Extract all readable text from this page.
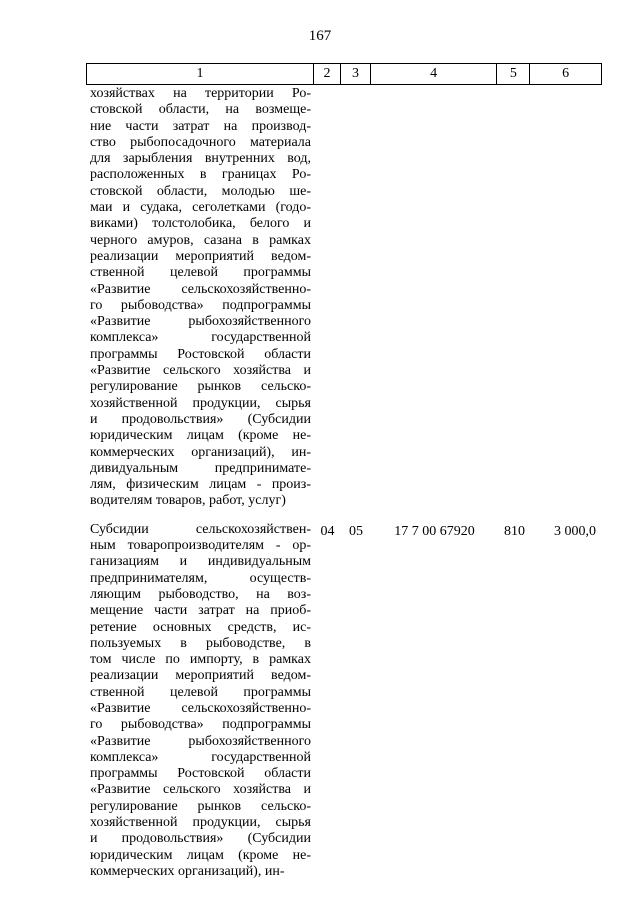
167
1	2	3	4	5	6
хозяйствах на территории Ро-
стовской области, на возмеще-
ние части затрат на производ-
ство рыбопосадочного материала
для зарыбления внутренних вод,
расположенных в границах Ро-
стовской области, молодью ше-
маи и судака, сеголетками (годо-
виками) толстолобика, белого и
черного амуров, сазана в рамках
реализации мероприятий ведом-
ственной целевой программы
«Развитие сельскохозяйственно-
го рыбоводства» подпрограммы
«Развитие рыбохозяйственного
комплекса» государственной
программы Ростовской области
«Развитие сельского хозяйства и
регулирование рынков сельско-
хозяйственной продукции, сырья
и продовольствия» (Субсидии
юридическим лицам (кроме не-
коммерческих организаций), ин-
дивидуальным предпринимате-
лям, физическим лицам - произ-
водителям товаров, работ, услуг)
Субсидии сельскохозяйствен-
ным товаропроизводителям - ор-
ганизациям и индивидуальным
предпринимателям, осуществ-
ляющим рыбоводство, на воз-
мещение части затрат на приоб-
ретение основных средств, ис-
пользуемых в рыбоводстве, в
том числе по импорту, в рамках
реализации мероприятий ведом-
ственной целевой программы
«Развитие сельскохозяйственно-
го рыбоводства» подпрограммы
«Развитие рыбохозяйственного
комплекса» государственной
программы Ростовской области
«Развитие сельского хозяйства и
регулирование рынков сельско-
хозяйственной продукции, сырья
и продовольствия» (Субсидии
юридическим лицам (кроме не-
коммерческих организаций), ин-
04	05	17 7 00 67920	810	3 000,0
